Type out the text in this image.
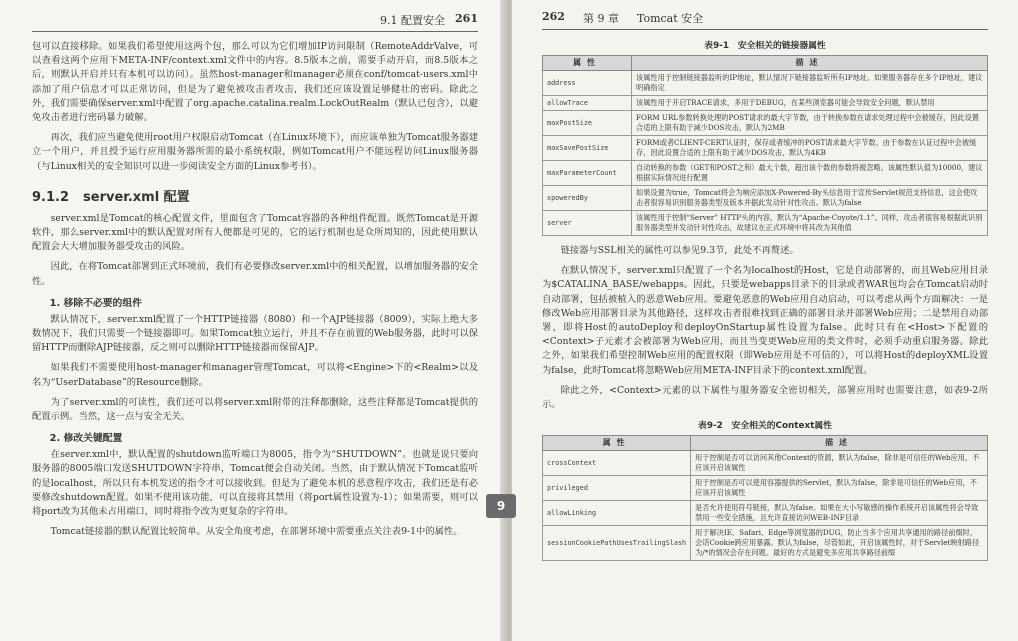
9.1 配置安全 261

包可以直接移除。如果我们希望使用这两个包，那么可以为它们增加IP访问限制（RemoteAddrValve，可以查看这两个应用下META-INF/context.xml文件中的内容。8.5版本之前，需要手动开启，而8.5版本之后，则默认开启并只有本机可以访问）。虽然host-manager和manager必须在conf/tomcat-users.xml中添加了用户信息才可以正常访问，但是为了避免被攻击者攻击，我们还应该设置足够健壮的密码。除此之外，我们需要确保server.xml中配置了org.apache.catalina.realm.LockOutRealm（默认已包含），以避免攻击者进行密码暴力破解。

再次，我们应当避免使用root用户权限启动Tomcat（在Linux环境下），而应该单独为Tomcat服务器建立一个用户，并且授予运行应用服务器所需的最小系统权限，例如Tomcat用户不能远程访问Linux服务器（与Linux相关的安全知识可以进一步阅读安全方面的Linux参考书）。

9.1.2 server.xml 配置

server.xml是Tomcat的核心配置文件，里面包含了Tomcat容器的各种组件配置。既然Tomcat是开源软件，那么server.xml中的默认配置对所有人便都是可见的，它的运行机制也是众所周知的，因此使用默认配置会大大增加服务器受攻击的风险。

因此，在将Tomcat部署到正式环境前，我们有必要修改server.xml中的相关配置，以增加服务器的安全性。

1. 移除不必要的组件

默认情况下，server.xml配置了一个HTTP链接器（8080）和一个AJP链接器（8009），实际上绝大多数情况下，我们只需要一个链接器即可。如果Tomcat独立运行，并且不存在前置的Web服务器，此时可以保留HTTP而删除AJP链接器，反之则可以删除HTTP链接器而保留AJP。

如果我们不需要使用host-manager和manager管理Tomcat，可以将<Engine>下的<Realm>以及名为“UserDatabase”的Resource删除。

为了server.xml的可读性，我们还可以将server.xml附带的注释都删除，这些注释都是Tomcat提供的配置示例。当然，这一点与安全无关。

2. 修改关键配置

在server.xml中，默认配置的shutdown监听端口为8005，指令为“SHUTDOWN”。也就是说只要向服务器的8005端口发送SHUTDOWN字符串，Tomcat便会自动关闭。当然，由于默认情况下Tomcat监听的是localhost，所以只有本机发送的指令才可以接收到。但是为了避免本机的恶意程序攻击，我们还是有必要修改shutdown配置。如果不使用该功能，可以直接将其禁用（将port属性设置为-1）；如果需要，则可以将port改为其他未占用端口，同时将指令改为更复杂的字符串。

Tomcat链接器的默认配置比较简单。从安全角度考虑，在部署环境中需要重点关注表9-1中的属性。

9
262 第 9 章 Tomcat 安全
表9-1　安全相关的链接器属性
属性	描述
address	该属性用于控制链接器监听的IP地址，默认情况下链接器监听所有IP地址。如果服务器存在多个IP地址，建议明确指定
allowTrace	该属性用于开启TRACE请求，多用于DEBUG，在某些浏览器可能会导致安全问题，默认禁用
maxPostSize	FORM URL参数转换处理的POST请求的最大字节数，由于转换参数在请求处理过程中会被缓存，因此设置合适的上限有助于减少DOS攻击，默认为2MB
maxSavePostSize	FORM或者CLIENT-CERT认证时，保存或者缓冲的POST请求最大字节数。由于参数在认证过程中会被缓存，因此设置合适的上限有助于减少DOS攻击，默认为4KB
maxParameterCount	自动转换的参数（GET和POST之和）最大个数，超出该个数的参数将被忽略。该属性默认值为10000，建议根据实际情况进行配置
xpoweredBy	如果设置为true，Tomcat将会为响应添加X-Powered-By头信息用于宣传Servlet规范支持信息，这会使攻击者很容易识别服务器类型及版本并据此发动针对性攻击。默认为false
server	该属性用于控制“Server” HTTP头的内容，默认为“Apache-Coyote/1.1”。同样，攻击者很容易根据此识别服务器类型并发动针对性攻击，故建议在正式环境中将其改为其他值

链接器与SSL相关的属性可以参见9.3节，此处不再赘述。

在默认情况下，server.xml只配置了一个名为localhost的Host，它是自动部署的，而且Web应用目录为$CATALINA_BASE/webapps。因此，只要是webapps目录下的目录或者WAR包均会在Tomcat启动时自动部署，包括被植入的恶意Web应用。要避免恶意的Web应用自动启动，可以考虑从两个方面解决：一是修改Web应用部署目录为其他路径，这样攻击者很难找到正确的部署目录并部署Web应用；二是禁用自动部署，即将Host的autoDeploy和deployOnStartup属性设置为false。此时只有在<Host>下配置的<Context>子元素才会被部署为Web应用，而且当变更Web应用的类文件时，必须手动重启服务器。除此之外，如果我们希望控制Web应用的配置权限（即Web应用是不可信的），可以将Host的deployXML设置为false，此时Tomcat将忽略Web应用META-INF目录下的context.xml配置。

除此之外，<Context>元素的以下属性与服务器安全密切相关，部署应用时也需要注意，如表9-2所示。

表9-2　安全相关的Context属性
属性	描述
crossContext	用于控制是否可以访问其他Context的资源，默认为false，除非是可信任的Web应用，不应该开启该属性
privileged	用于控制是否可以使用容器提供的Servlet，默认为false，除非是可信任的Web应用，不应该开启该属性
allowLinking	是否允许使用符号链接，默认为false。如果在大小写敏感的操作系统开启该属性将会导致禁用一些安全措施，且允许直接访问WEB-INF目录
sessionCookiePathUsesTrailingSlash	用于解决IE、Safari、Edge等浏览器的DUG，防止当多个应用共享通用的路径前缀时，会话Cookie跨应用暴露。默认为false，尽管如此，开启该属性时，对于Servlet映射路径为/*的情况会存在问题。最好的方式是避免多应用共享路径前缀
